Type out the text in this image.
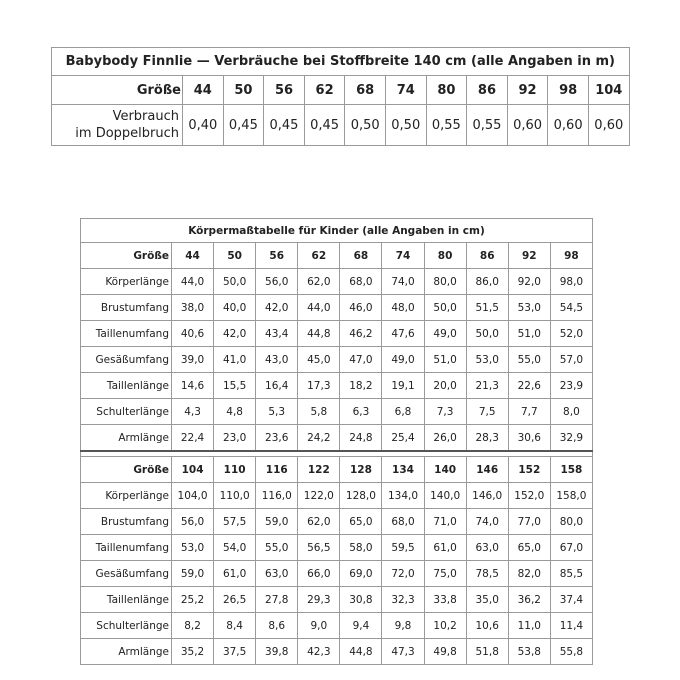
Babybody Finnlie — Verbräuche bei Stoffbreite 140 cm (alle Angaben in m)											
Größe	44	50	56	62	68	74	80	86	92	98	104

Verbrauch
im Doppelbruch	0,40	0,45	0,45	0,45	0,50	0,50	0,55	0,55	0,60	0,60	0,60
Körpermaßtabelle für Kinder (alle Angaben in cm)										
Größe	44	50	56	62	68	74	80	86	92	98
Körperlänge	44,0	50,0	56,0	62,0	68,0	74,0	80,0	86,0	92,0	98,0
Brustumfang	38,0	40,0	42,0	44,0	46,0	48,0	50,0	51,5	53,0	54,5
Taillenumfang	40,6	42,0	43,4	44,8	46,2	47,6	49,0	50,0	51,0	52,0
Gesäßumfang	39,0	41,0	43,0	45,0	47,0	49,0	51,0	53,0	55,0	57,0
Taillenlänge	14,6	15,5	16,4	17,3	18,2	19,1	20,0	21,3	22,6	23,9
Schulterlänge	4,3	4,8	5,3	5,8	6,3	6,8	7,3	7,5	7,7	8,0
Armlänge	22,4	23,0	23,6	24,2	24,8	25,4	26,0	28,3	30,6	32,9

Größe	104	110	116	122	128	134	140	146	152	158
Körperlänge	104,0	110,0	116,0	122,0	128,0	134,0	140,0	146,0	152,0	158,0
Brustumfang	56,0	57,5	59,0	62,0	65,0	68,0	71,0	74,0	77,0	80,0
Taillenumfang	53,0	54,0	55,0	56,5	58,0	59,5	61,0	63,0	65,0	67,0
Gesäßumfang	59,0	61,0	63,0	66,0	69,0	72,0	75,0	78,5	82,0	85,5
Taillenlänge	25,2	26,5	27,8	29,3	30,8	32,3	33,8	35,0	36,2	37,4
Schulterlänge	8,2	8,4	8,6	9,0	9,4	9,8	10,2	10,6	11,0	11,4
Armlänge	35,2	37,5	39,8	42,3	44,8	47,3	49,8	51,8	53,8	55,8
